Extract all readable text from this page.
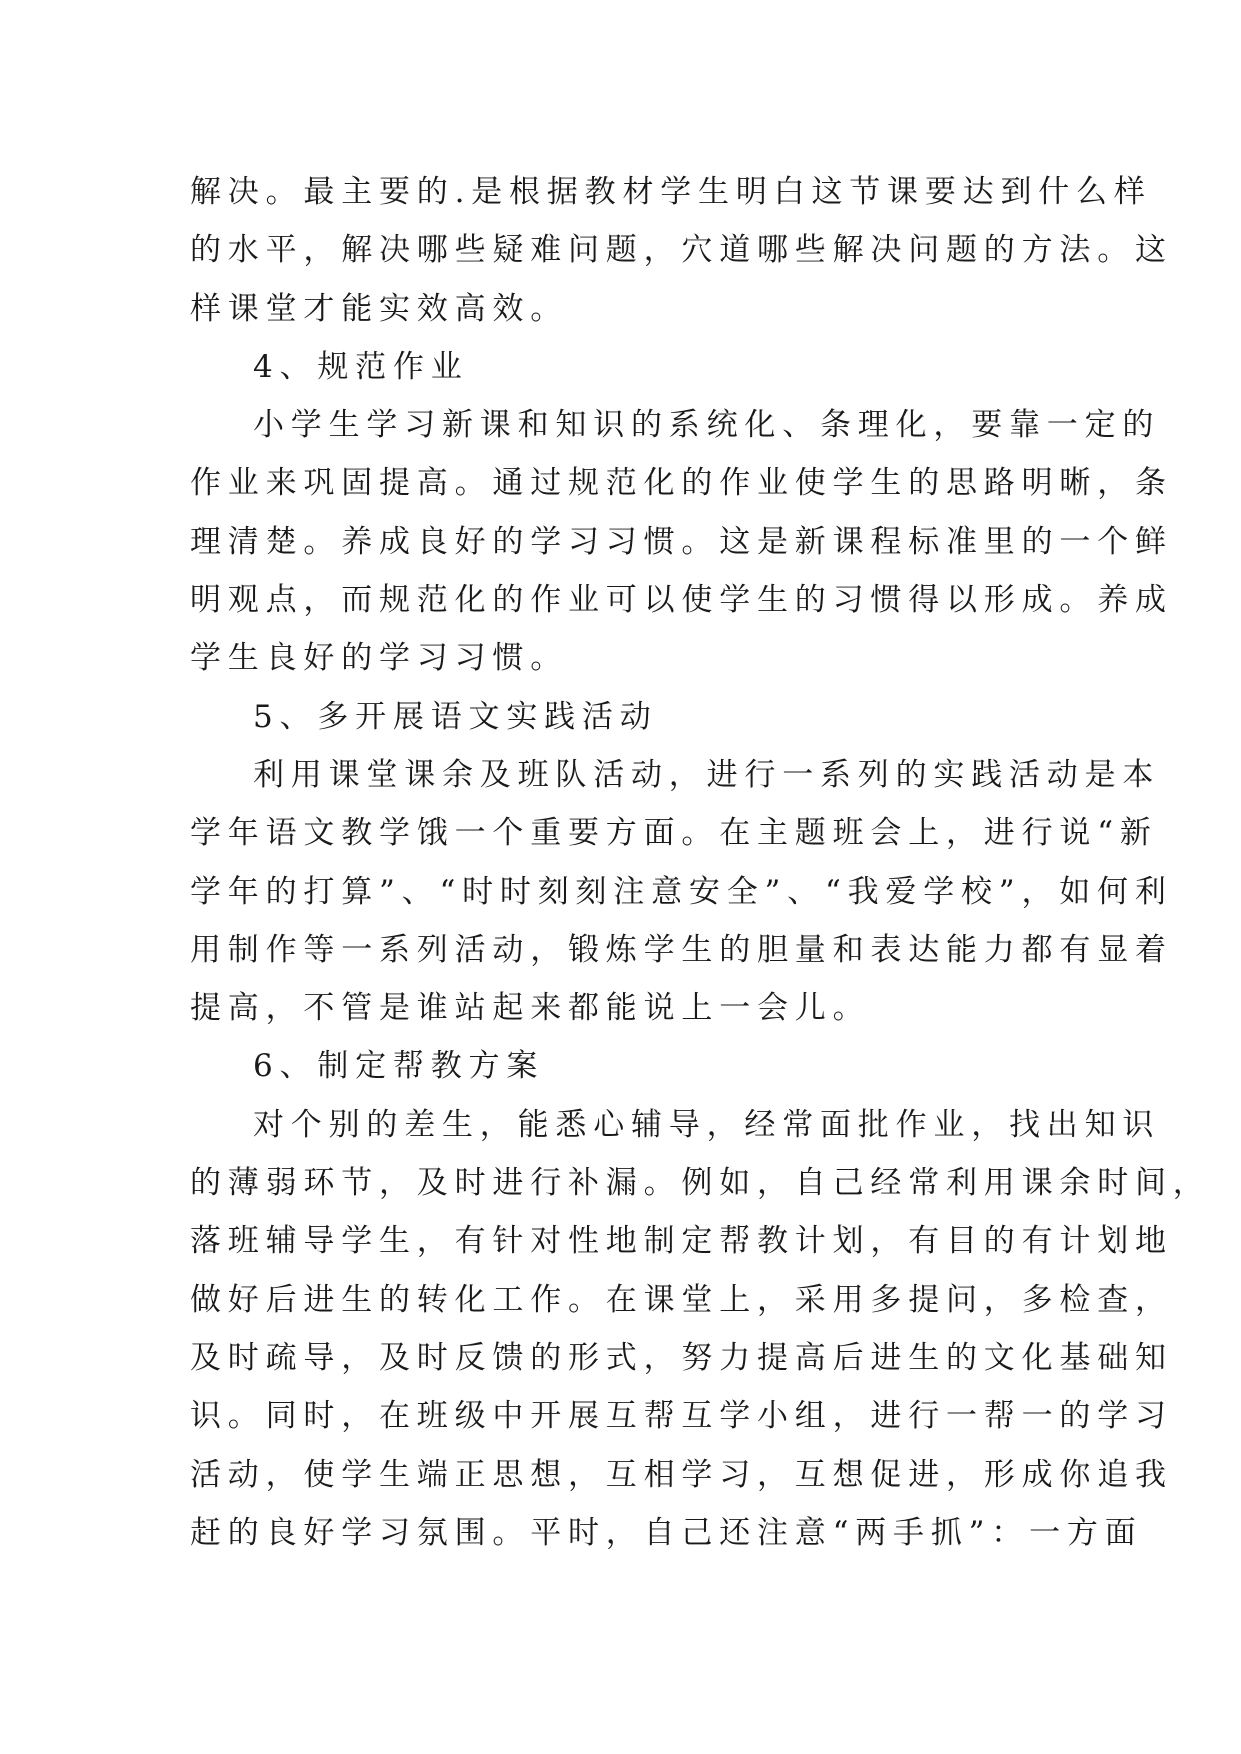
解决。最主要的.是根据教材学生明白这节课要达到什么样
的水平，解决哪些疑难问题，穴道哪些解决问题的方法。这
样课堂才能实效高效。
4、规范作业
小学生学习新课和知识的系统化、条理化，要靠一定的
作业来巩固提高。通过规范化的作业使学生的思路明晰，条
理清楚。养成良好的学习习惯。这是新课程标准里的一个鲜
明观点，而规范化的作业可以使学生的习惯得以形成。养成
学生良好的学习习惯。
5、多开展语文实践活动
利用课堂课余及班队活动，进行一系列的实践活动是本
学年语文教学饿一个重要方面。在主题班会上，进行说“新
学年的打算”、“时时刻刻注意安全”、“我爱学校”，如何利
用制作等一系列活动，锻炼学生的胆量和表达能力都有显着
提高，不管是谁站起来都能说上一会儿。
6、制定帮教方案
对个别的差生，能悉心辅导，经常面批作业，找出知识
的薄弱环节，及时进行补漏。例如，自己经常利用课余时间，
落班辅导学生，有针对性地制定帮教计划，有目的有计划地
做好后进生的转化工作。在课堂上，采用多提问，多检查，
及时疏导，及时反馈的形式，努力提高后进生的文化基础知
识。同时，在班级中开展互帮互学小组，进行一帮一的学习
活动，使学生端正思想，互相学习，互想促进，形成你追我
赶的良好学习氛围。平时，自己还注意“两手抓”：一方面
